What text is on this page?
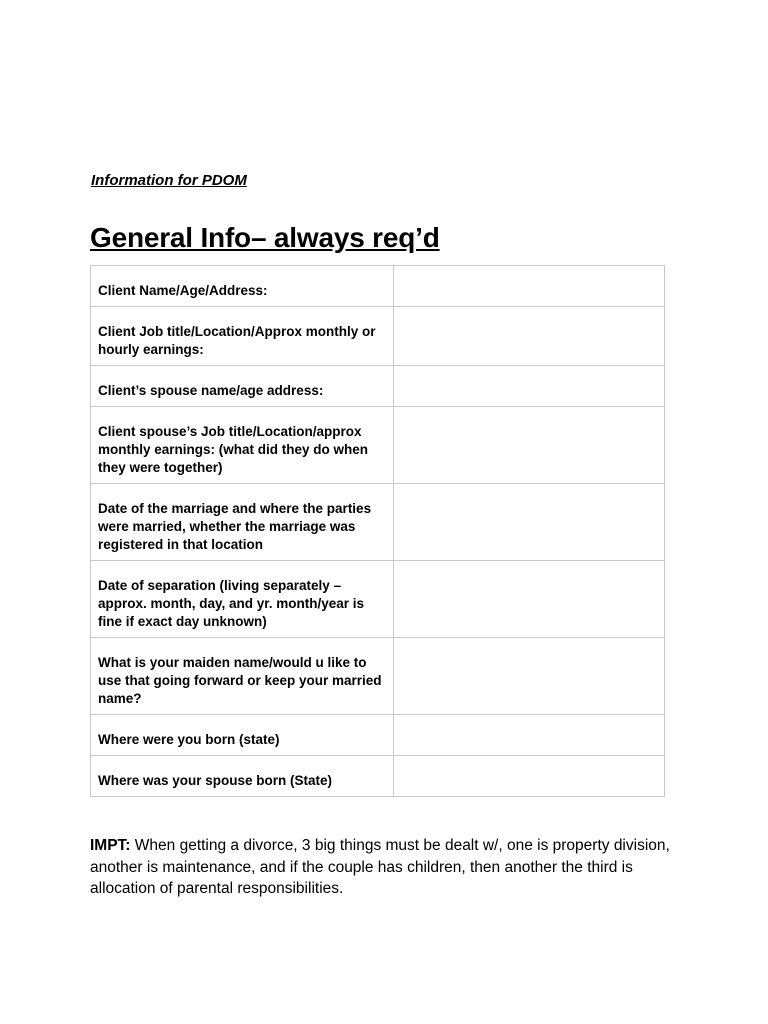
Information for PDOM

General Info– always req’d
Client Name/Age/Address:	
Client Job title/Location/Approx monthly or hourly earnings:	
Client’s spouse name/age address:	
Client spouse’s Job title/Location/approx monthly earnings: (what did they do when they were together)	
Date of the marriage and where the parties were married, whether the marriage was registered in that location	
Date of separation (living separately – approx. month, day, and yr. month/year is fine if exact day unknown)	
What is your maiden name/would u like to use that going forward or keep your married name?	
Where were you born (state)	
Where was your spouse born (State)	

IMPT: When getting a divorce, 3 big things must be dealt w/, one is property division, another is maintenance, and if the couple has children, then another the third is allocation of parental responsibilities.
